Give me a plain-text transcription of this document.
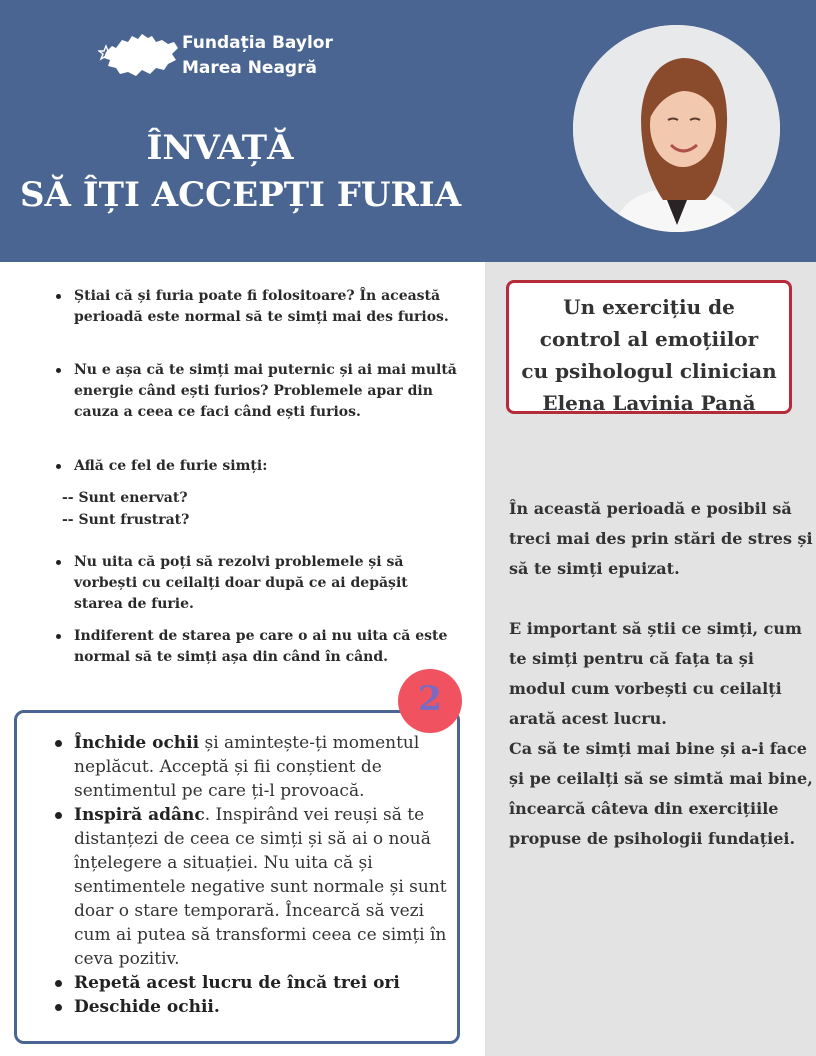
Fundația Baylor
Marea Neagră
ÎNVAȚĂ
SĂ ÎȚI ACCEPȚI FURIA
Un exercițiu de
control al emoțiilor
cu psihologul clinician
Elena Lavinia Pană
În această perioadă e posibil să treci mai des prin stări de stres și să te simți epuizat.
E important să știi ce simți, cum te simți pentru că fața ta și modul cum vorbești cu ceilalți arată acest lucru.
Ca să te simți mai bine și a-i face și pe ceilalți să se simtă mai bine, încearcă câteva din exercițiile propuse de psihologii fundației.
Știai că și furia poate fi folositoare? În această perioadă este normal să te simți mai des furios.
Nu e așa că te simți mai puternic și ai mai multă energie când ești furios? Problemele apar din cauza a ceea ce faci când ești furios.
Află ce fel de furie simți:
Nu uita că poți să rezolvi problemele și să vorbești cu ceilalți doar după ce ai depășit starea de furie.
Indiferent de starea pe care o ai nu uita că este normal să te simți așa din când în când.
-- Sunt enervat?
-- Sunt frustrat?
2
Închide ochii și amintește-ți momentul neplăcut. Acceptă și fii conștient de sentimentul pe care ți-l provoacă.
Inspiră adânc. Inspirând vei reuși să te distanțezi de ceea ce simți și să ai o nouă înțelegere a situației. Nu uita că și sentimentele negative sunt normale și sunt doar o stare temporară. Încearcă să vezi cum ai putea să transformi ceea ce simți în ceva pozitiv.
Repetă acest lucru de încă trei ori
Deschide ochii.
